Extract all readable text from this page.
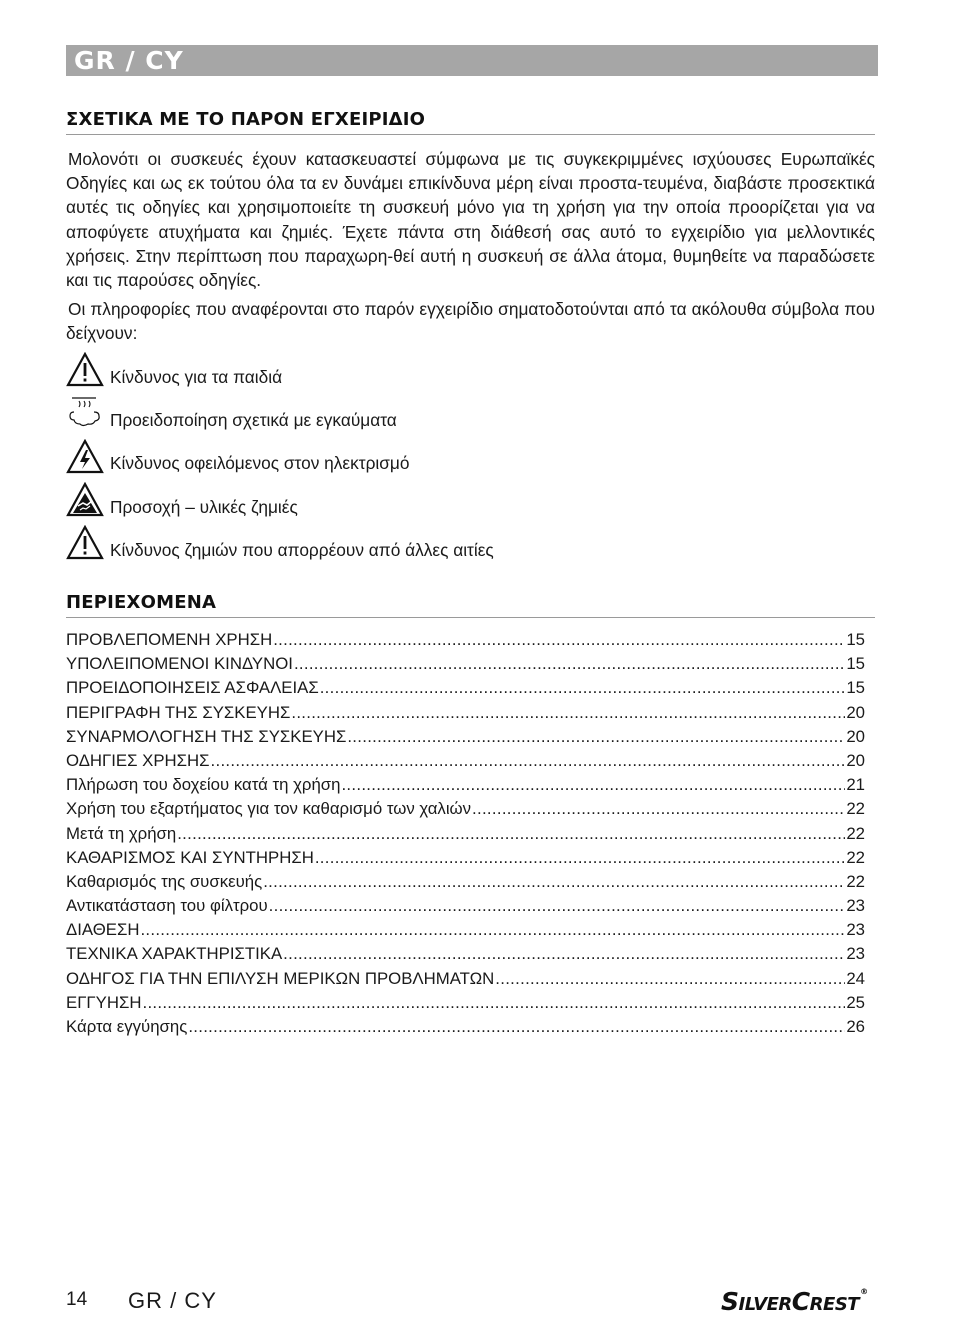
GR / CY
ΣΧΕΤΙΚΑ ΜΕ ΤΟ ΠΑΡΟΝ ΕΓΧΕΙΡΙΔΙΟ

Μολονότι οι συσκευές έχουν κατασκευαστεί σύμφωνα με τις συγκεκριμμένες ισχύουσες Ευρωπαϊκές Οδηγίες και ως εκ τούτου όλα τα εν δυνάμει επικίνδυνα μέρη είναι προστα-τευμένα, διαβάστε προσεκτικά αυτές τις οδηγίες και χρησιμοποιείτε τη συσκευή μόνο για τη χρήση για την οποία προορίζεται για να αποφύγετε ατυχήματα και ζημιές. Έχετε πάντα στη διάθεσή σας αυτό το εγχειρίδιο για μελλοντικές χρήσεις. Στην περίπτωση που παραχωρη-θεί αυτή η συσκευή σε άλλα άτομα, θυμηθείτε να παραδώσετε και τις παρούσες οδηγίες.

Οι πληροφορίες που αναφέρονται στο παρόν εγχειρίδιο σηματοδοτούνται από τα ακόλουθα σύμβολα που δείχνουν:

Κίνδυνος για τα παιδιά
Προειδοποίηση σχετικά με εγκαύματα
Κίνδυνος οφειλόμενος στον ηλεκτρισμό
Προσοχή – υλικές ζημιές
Κίνδυνος ζημιών που απορρέουν από άλλες αιτίες
ΠΕΡΙΕΧΟΜΕΝΑ
ΠΡΟΒΛΕΠΟΜΕΝΗ ΧΡΗΣΗ .....	15
ΥΠΟΛΕΙΠΟΜΕΝΟΙ ΚΙΝΔΥΝΟΙ .....	15
ΠΡΟΕΙΔΟΠΟΙΗΣΕΙΣ ΑΣΦΑΛΕΙΑΣ .....	15
ΠΕΡΙΓΡΑΦΗ ΤΗΣ ΣΥΣΚΕΥΗΣ .....	20
ΣΥΝΑΡΜΟΛΟΓΗΣΗ ΤΗΣ ΣΥΣΚΕΥΗΣ .....	20
ΟΔΗΓΙΕΣ ΧΡΗΣΗΣ .....	20
Πλήρωση του δοχείου κατά τη χρήση .....	21
Χρήση του εξαρτήματος για τον καθαρισμό των χαλιών .....	22
Μετά τη χρήση .....	22
ΚΑΘΑΡΙΣΜΟΣ ΚΑΙ ΣΥΝΤΗΡΗΣΗ .....	22
Καθαρισμός της συσκευής .....	22
Αντικατάσταση του φίλτρου .....	23
ΔΙΑΘΕΣΗ .....	23
ΤΕΧΝΙΚΑ ΧΑΡΑΚΤΗΡΙΣΤΙΚΑ .....	23
ΟΔΗΓΟΣ ΓΙΑ ΤΗΝ ΕΠΙΛΥΣΗ ΜΕΡΙΚΩΝ ΠΡΟΒΛΗΜΑΤΩΝ .....	24
ΕΓΓΥΗΣΗ .....	25
Κάρτα εγγύησης .....	26
14 GR / CY	SILVERCREST®
